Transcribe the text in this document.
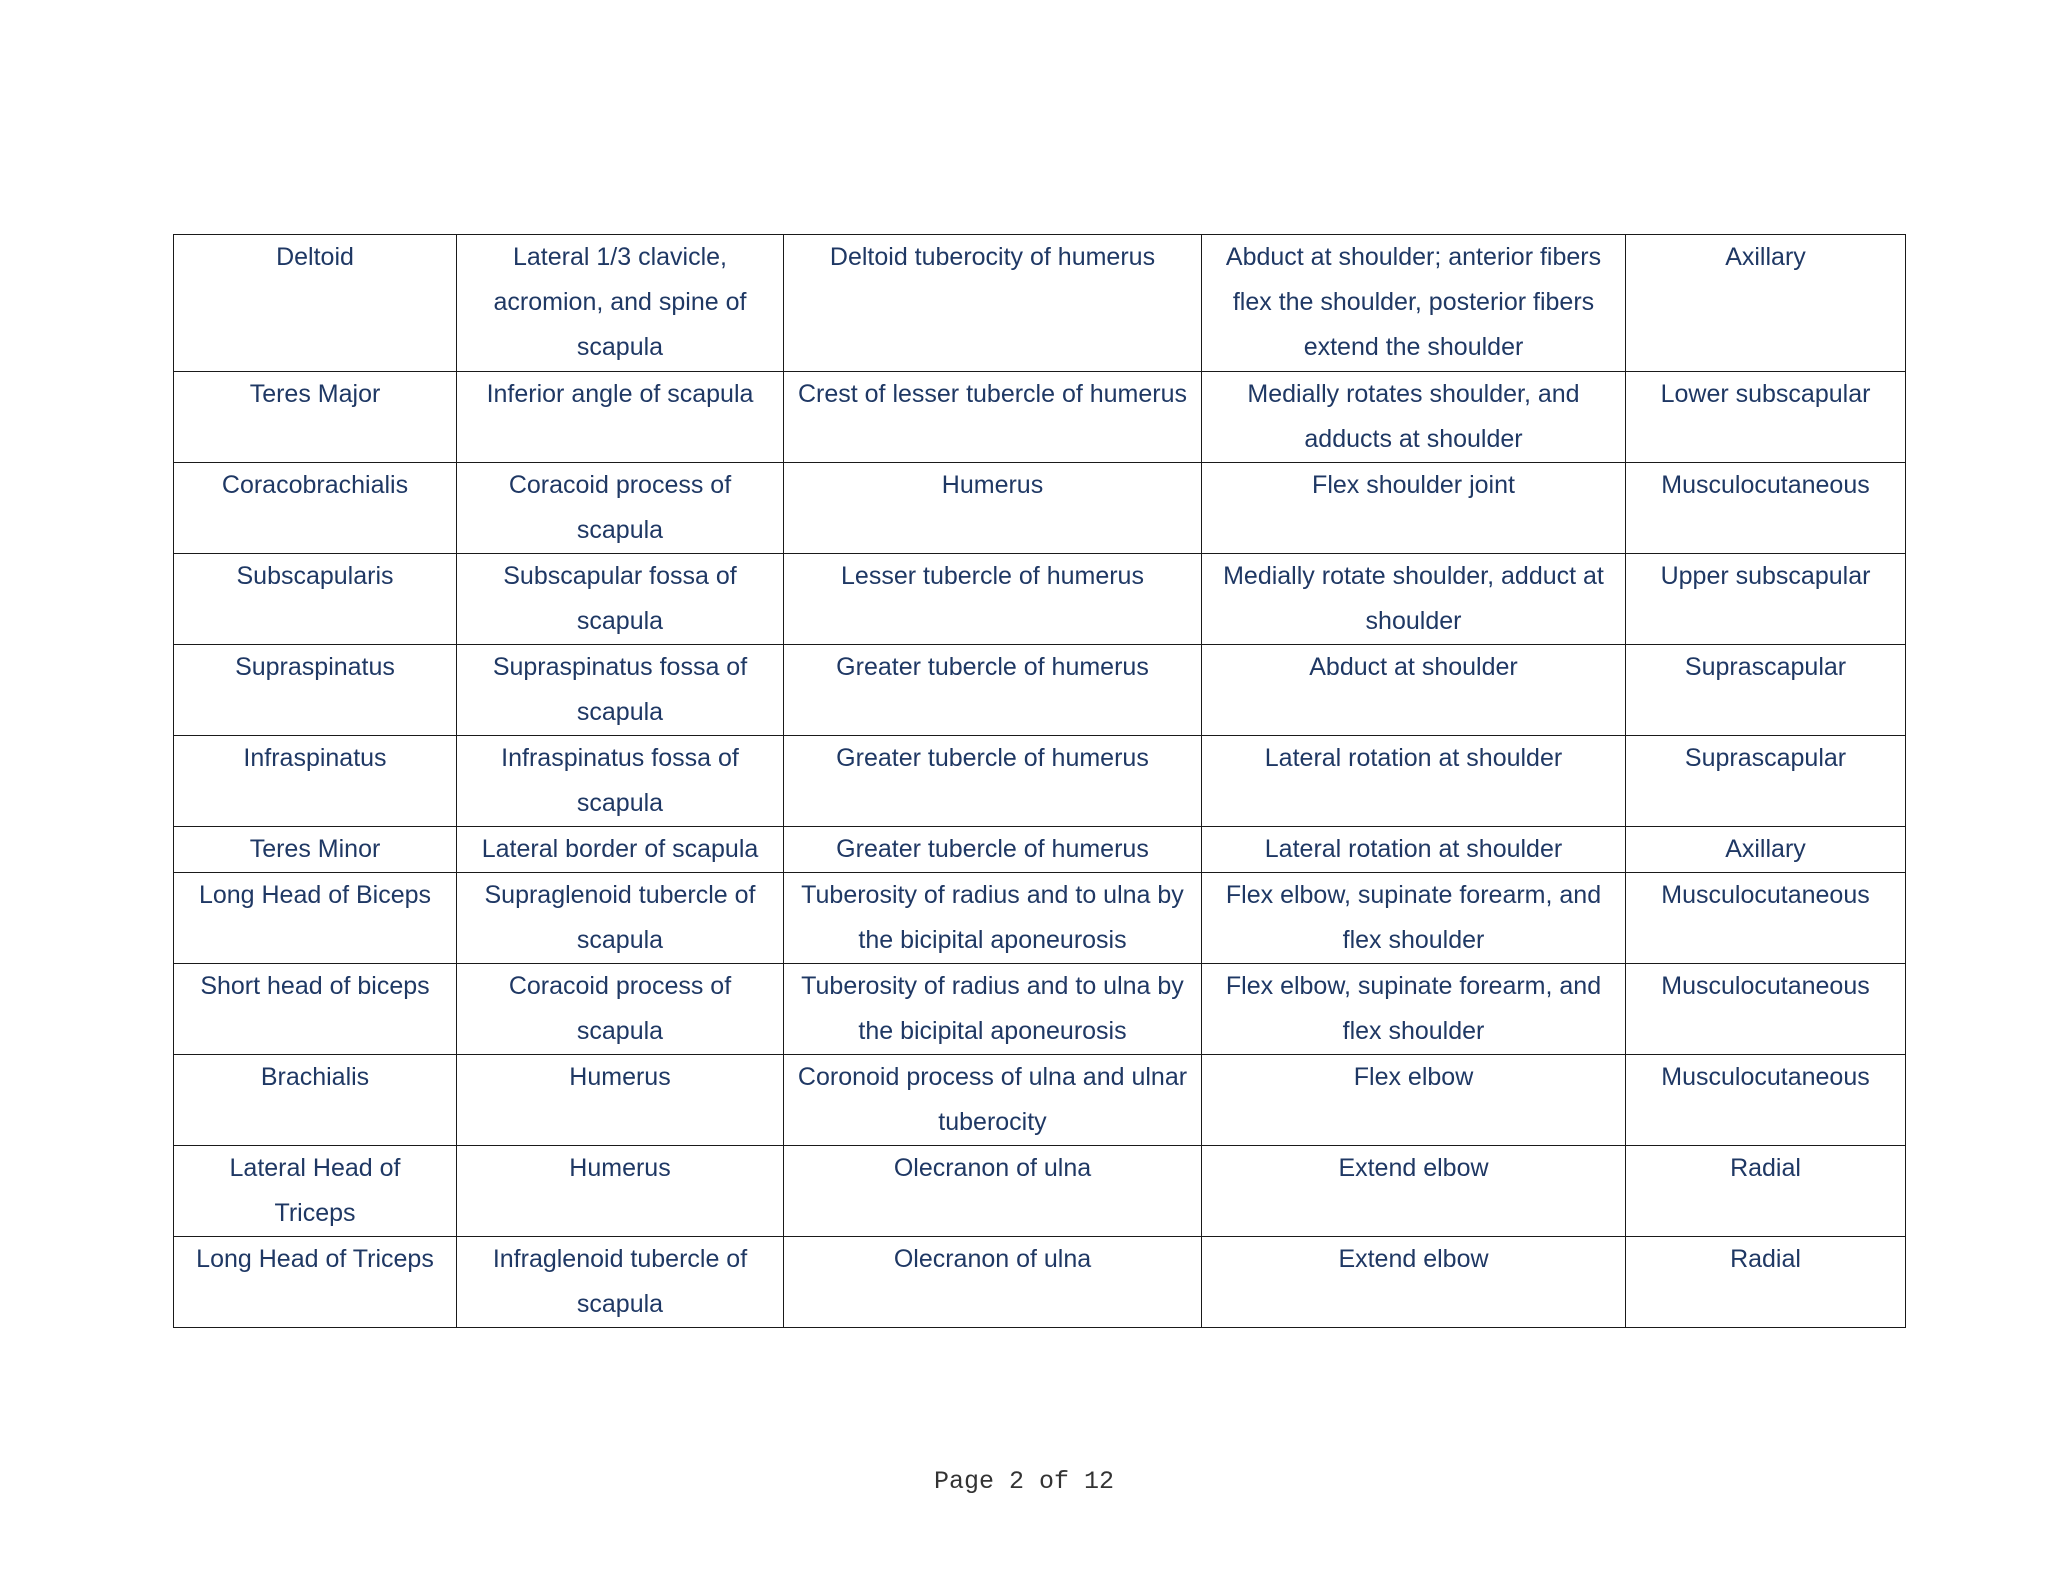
Deltoid	Lateral 1/3 clavicle, acromion, and spine of scapula	Deltoid tuberocity of humerus	Abduct at shoulder; anterior fibers flex the shoulder, posterior fibers extend the shoulder	Axillary
Teres Major	Inferior angle of scapula	Crest of lesser tubercle of humerus	Medially rotates shoulder, and adducts at shoulder	Lower subscapular
Coracobrachialis	Coracoid process of scapula	Humerus	Flex shoulder joint	Musculocutaneous
Subscapularis	Subscapular fossa of scapula	Lesser tubercle of humerus	Medially rotate shoulder, adduct at shoulder	Upper subscapular
Supraspinatus	Supraspinatus fossa of scapula	Greater tubercle of humerus	Abduct at shoulder	Suprascapular
Infraspinatus	Infraspinatus fossa of scapula	Greater tubercle of humerus	Lateral rotation at shoulder	Suprascapular
Teres Minor	Lateral border of scapula	Greater tubercle of humerus	Lateral rotation at shoulder	Axillary
Long Head of Biceps	Supraglenoid tubercle of scapula	Tuberosity of radius and to ulna by the bicipital aponeurosis	Flex elbow, supinate forearm, and flex shoulder	Musculocutaneous
Short head of biceps	Coracoid process of scapula	Tuberosity of radius and to ulna by the bicipital aponeurosis	Flex elbow, supinate forearm, and flex shoulder	Musculocutaneous
Brachialis	Humerus	Coronoid process of ulna and ulnar tuberocity	Flex elbow	Musculocutaneous
Lateral Head of Triceps	Humerus	Olecranon of ulna	Extend elbow	Radial
Long Head of Triceps	Infraglenoid tubercle of scapula	Olecranon of ulna	Extend elbow	Radial
Page 2 of 12
